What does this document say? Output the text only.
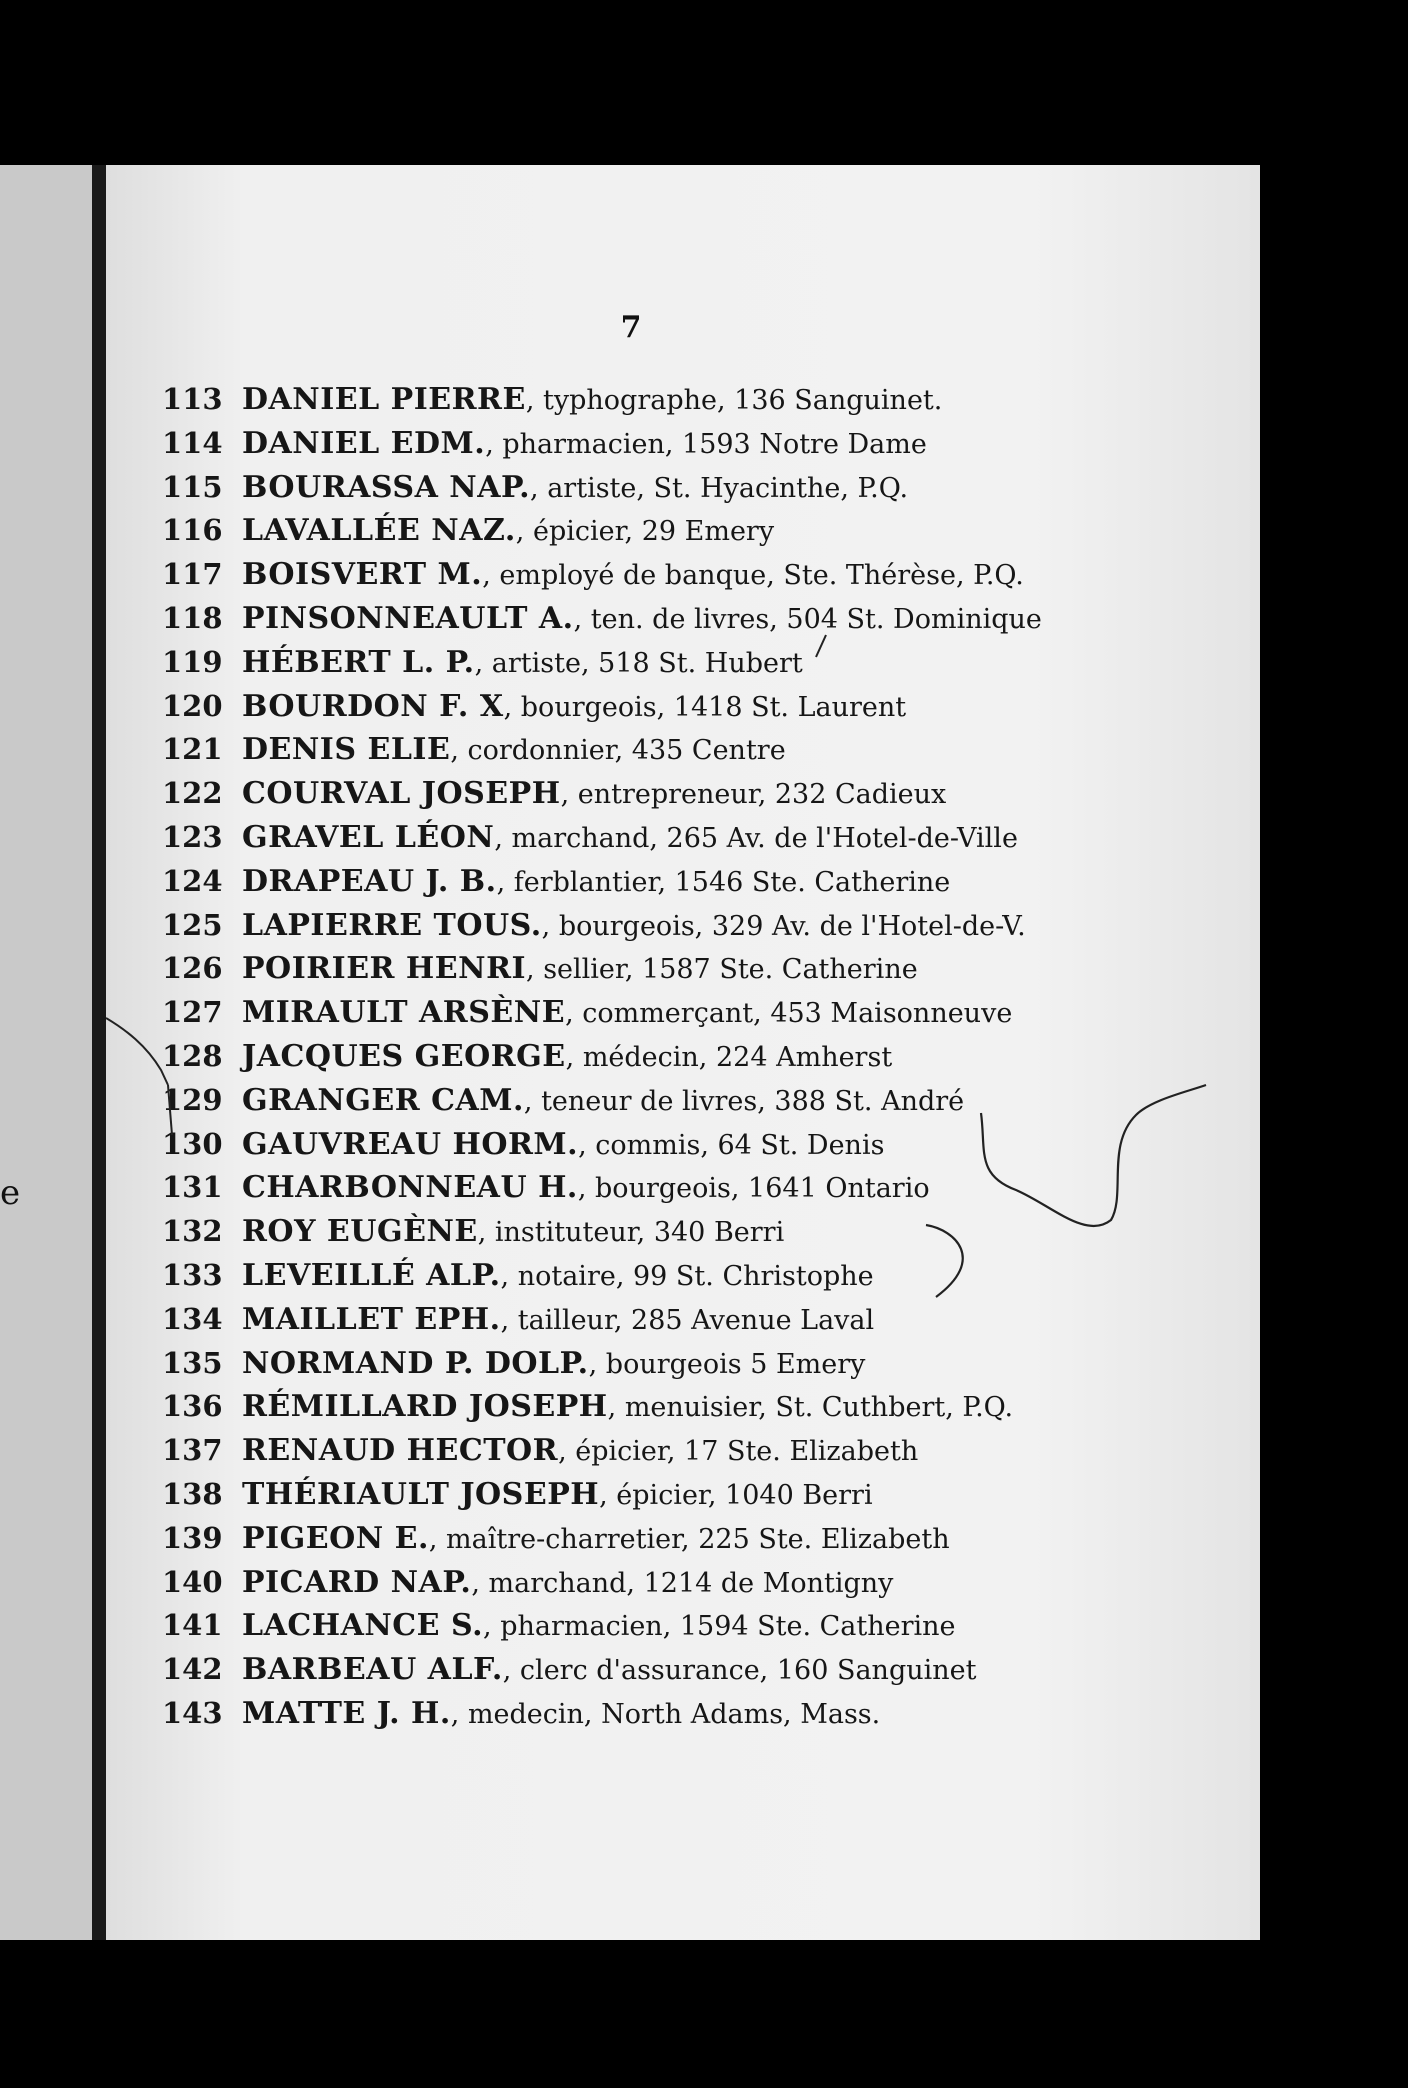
e
7
113 DANIEL PIERRE, typhographe, 136 Sanguinet.
114 DANIEL EDM., pharmacien, 1593 Notre Dame
115 BOURASSA NAP., artiste, St. Hyacinthe, P.Q.
116 LAVALLÉE NAZ., épicier, 29 Emery
117 BOISVERT M., employé de banque, Ste. Thérèse, P.Q.
118 PINSONNEAULT A., ten. de livres, 504 St. Dominique
119 HÉBERT L. P., artiste, 518 St. Hubert
120 BOURDON F. X, bourgeois, 1418 St. Laurent
121 DENIS ELIE, cordonnier, 435 Centre
122 COURVAL JOSEPH, entrepreneur, 232 Cadieux
123 GRAVEL LÉON, marchand, 265 Av. de l'Hotel-de-Ville
124 DRAPEAU J. B., ferblantier, 1546 Ste. Catherine
125 LAPIERRE TOUS., bourgeois, 329 Av. de l'Hotel-de-V.
126 POIRIER HENRI, sellier, 1587 Ste. Catherine
127 MIRAULT ARSÈNE, commerçant, 453 Maisonneuve
128 JACQUES GEORGE, médecin, 224 Amherst
129 GRANGER CAM., teneur de livres, 388 St. André
130 GAUVREAU HORM., commis, 64 St. Denis
131 CHARBONNEAU H., bourgeois, 1641 Ontario
132 ROY EUGÈNE, instituteur, 340 Berri
133 LEVEILLÉ ALP., notaire, 99 St. Christophe
134 MAILLET EPH., tailleur, 285 Avenue Laval
135 NORMAND P. DOLP., bourgeois 5 Emery
136 RÉMILLARD JOSEPH, menuisier, St. Cuthbert, P.Q.
137 RENAUD HECTOR, épicier, 17 Ste. Elizabeth
138 THÉRIAULT JOSEPH, épicier, 1040 Berri
139 PIGEON E., maître-charretier, 225 Ste. Elizabeth
140 PICARD NAP., marchand, 1214 de Montigny
141 LACHANCE S., pharmacien, 1594 Ste. Catherine
142 BARBEAU ALF., clerc d'assurance, 160 Sanguinet
143 MATTE J. H., medecin, North Adams, Mass.
